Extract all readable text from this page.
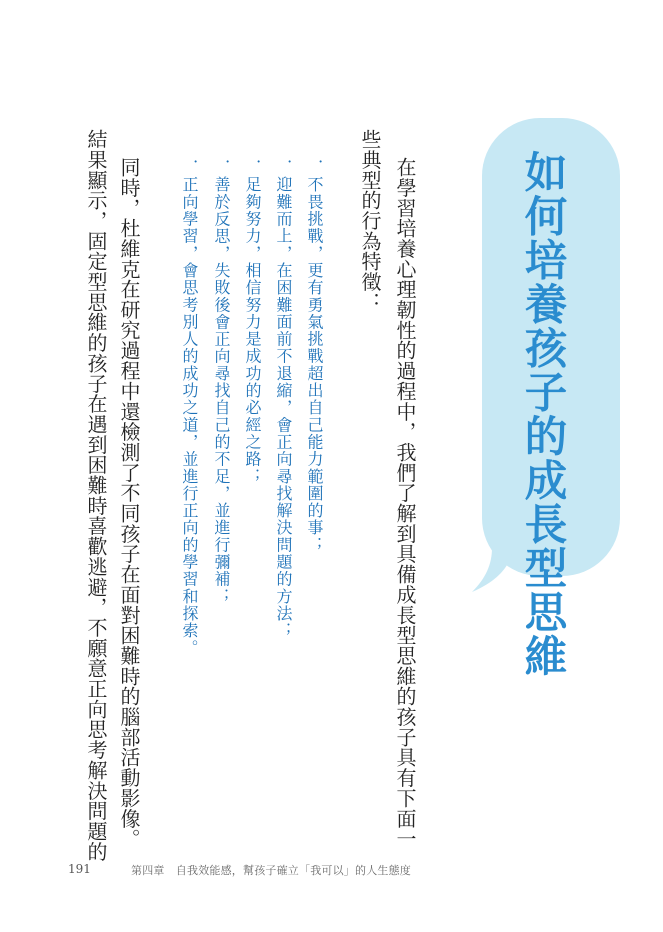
如何培養孩子的成長型思維
在學習培養心理韌性的過程中，我們了解到具備成長型思維的孩子具有下面一
些典型的行為特徵：
．不畏挑戰，更有勇氣挑戰超出自己能力範圍的事；
．迎難而上，在困難面前不退縮，會正向尋找解決問題的方法；
．足夠努力，相信努力是成功的必經之路；
．善於反思，失敗後會正向尋找自己的不足，並進行彌補；
．正向學習，會思考別人的成功之道，並進行正向的學習和探索。
同時，杜維克在研究過程中還檢測了不同孩子在面對困難時的腦部活動影像。
結果顯示，固定型思維的孩子在遇到困難時喜歡逃避，不願意正向思考解決問題的
191	第四章　自我效能感，幫孩子確立「我可以」的人生態度
